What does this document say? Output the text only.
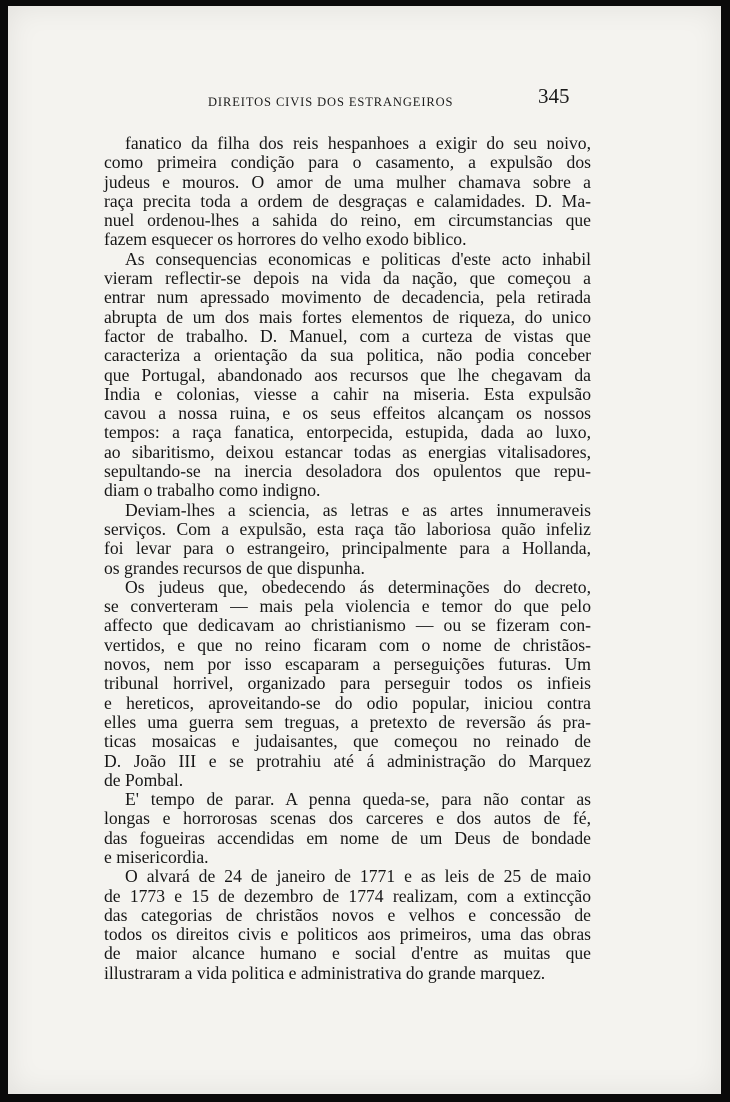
DIREITOS CIVIS DOS ESTRANGEIROS	345
fanatico da filha dos reis hespanhoes a exigir do seu noivo,
como primeira condição para o casamento, a expulsão dos
judeus e mouros. O amor de uma mulher chamava sobre a
raça precita toda a ordem de desgraças e calamidades. D. Ma-
nuel ordenou-lhes a sahida do reino, em circumstancias que
fazem esquecer os horrores do velho exodo biblico.
As consequencias economicas e politicas d'este acto inhabil
vieram reflectir-se depois na vida da nação, que começou a
entrar num apressado movimento de decadencia, pela retirada
abrupta de um dos mais fortes elementos de riqueza, do unico
factor de trabalho. D. Manuel, com a curteza de vistas que
caracteriza a orientação da sua politica, não podia conceber
que Portugal, abandonado aos recursos que lhe chegavam da
India e colonias, viesse a cahir na miseria. Esta expulsão
cavou a nossa ruina, e os seus effeitos alcançam os nossos
tempos: a raça fanatica, entorpecida, estupida, dada ao luxo,
ao sibaritismo, deixou estancar todas as energias vitalisadores,
sepultando-se na inercia desoladora dos opulentos que repu-
diam o trabalho como indigno.
Deviam-lhes a sciencia, as letras e as artes innumeraveis
serviços. Com a expulsão, esta raça tão laboriosa quão infeliz
foi levar para o estrangeiro, principalmente para a Hollanda,
os grandes recursos de que dispunha.
Os judeus que, obedecendo ás determinações do decreto,
se converteram — mais pela violencia e temor do que pelo
affecto que dedicavam ao christianismo — ou se fizeram con-
vertidos, e que no reino ficaram com o nome de christãos-
novos, nem por isso escaparam a perseguições futuras. Um
tribunal horrivel, organizado para perseguir todos os infieis
e hereticos, aproveitando-se do odio popular, iniciou contra
elles uma guerra sem treguas, a pretexto de reversão ás pra-
ticas mosaicas e judaisantes, que começou no reinado de
D. João III e se protrahiu até á administração do Marquez
de Pombal.
E' tempo de parar. A penna queda-se, para não contar as
longas e horrorosas scenas dos carceres e dos autos de fé,
das fogueiras accendidas em nome de um Deus de bondade
e misericordia.
O alvará de 24 de janeiro de 1771 e as leis de 25 de maio
de 1773 e 15 de dezembro de 1774 realizam, com a extincção
das categorias de christãos novos e velhos e concessão de
todos os direitos civis e politicos aos primeiros, uma das obras
de maior alcance humano e social d'entre as muitas que
illustraram a vida politica e administrativa do grande marquez.
